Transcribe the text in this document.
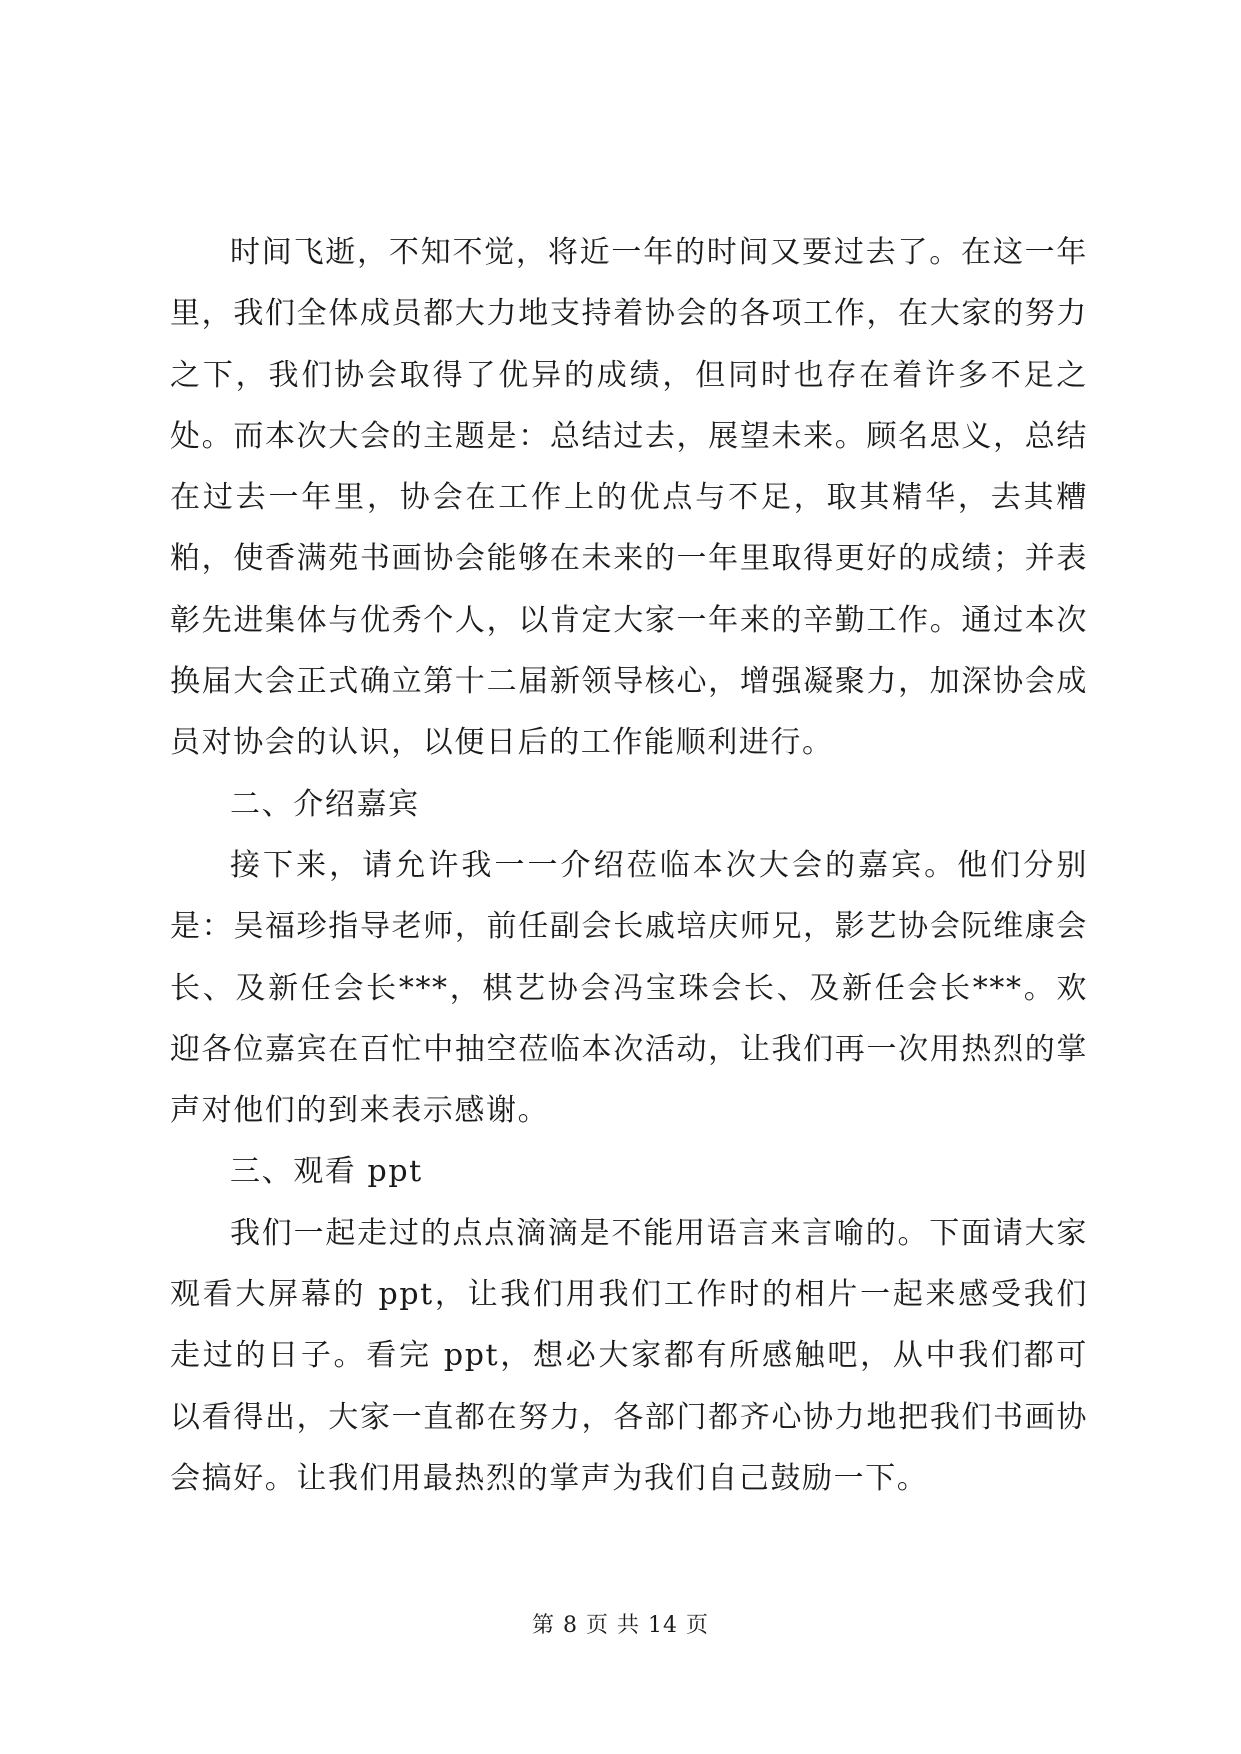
时间飞逝，不知不觉，将近一年的时间又要过去了。在这一年里，我们全体成员都大力地支持着协会的各项工作，在大家的努力之下，我们协会取得了优异的成绩，但同时也存在着许多不足之处。而本次大会的主题是：总结过去，展望未来。顾名思义，总结在过去一年里，协会在工作上的优点与不足，取其精华，去其糟粕，使香满苑书画协会能够在未来的一年里取得更好的成绩；并表彰先进集体与优秀个人，以肯定大家一年来的辛勤工作。通过本次换届大会正式确立第十二届新领导核心，增强凝聚力，加深协会成员对协会的认识，以便日后的工作能顺利进行。

二、介绍嘉宾

接下来，请允许我一一介绍莅临本次大会的嘉宾。他们分别是：吴福珍指导老师，前任副会长戚培庆师兄，影艺协会阮维康会长、及新任会长***，棋艺协会冯宝珠会长、及新任会长***。欢迎各位嘉宾在百忙中抽空莅临本次活动，让我们再一次用热烈的掌声对他们的到来表示感谢。

三、观看 ppt

我们一起走过的点点滴滴是不能用语言来言喻的。下面请大家观看大屏幕的 ppt，让我们用我们工作时的相片一起来感受我们走过的日子。看完 ppt，想必大家都有所感触吧，从中我们都可以看得出，大家一直都在努力，各部门都齐心协力地把我们书画协会搞好。让我们用最热烈的掌声为我们自己鼓励一下。

第 8 页 共 14 页
